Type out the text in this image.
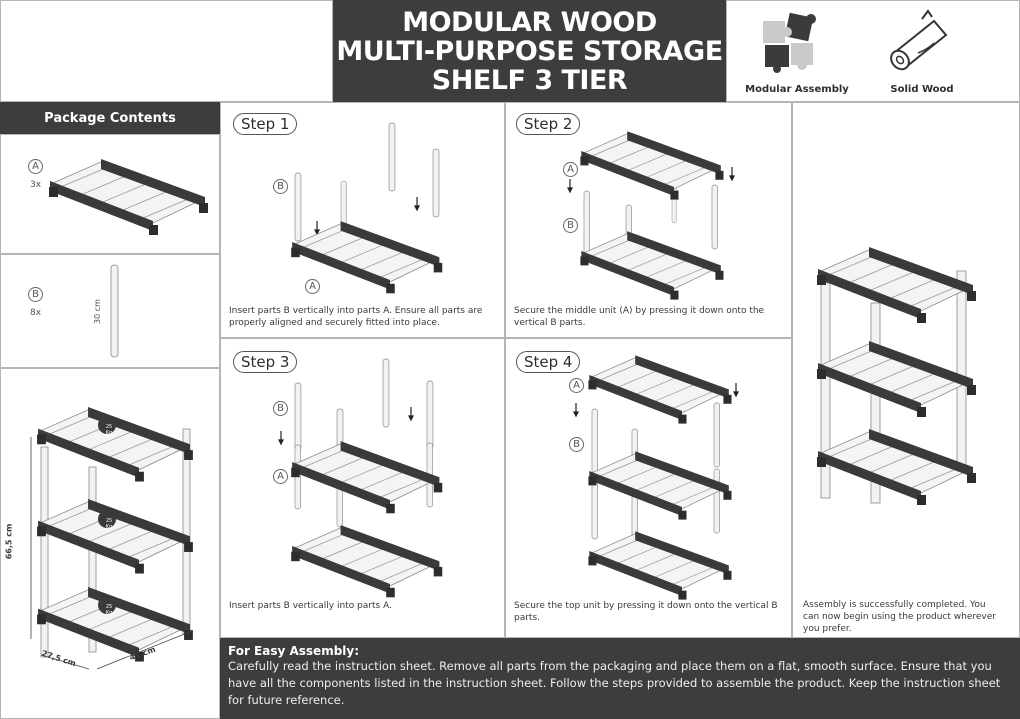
MODULAR WOOD
MULTI-PURPOSE STORAGE
SHELF 3 TIER	Modular Assembly	Solid Wood
Package Contents
A
3x
B
8x	30 cm
25 Kg
25 Kg
25 Kg
66,5 cm
27,5 cm	41 cm
Step 1
B
A
Insert parts B vertically into parts A. Ensure all parts are properly aligned and securely fitted into place.
Step 2
A
B
Secure the middle unit (A) by pressing it down onto the vertical B parts.
Assembly is successfully completed. You can now begin using the product wherever you prefer.
Step 3
B
A
Insert parts B vertically into parts A.
Step 4
A
B
Secure the top unit by pressing it down onto the vertical B parts.
For Easy Assembly:
Carefully read the instruction sheet. Remove all parts from the packaging and place them on a flat, smooth surface. Ensure that you have all the components listed in the instruction sheet. Follow the steps provided to assemble the product. Keep the instruction sheet for future reference.
